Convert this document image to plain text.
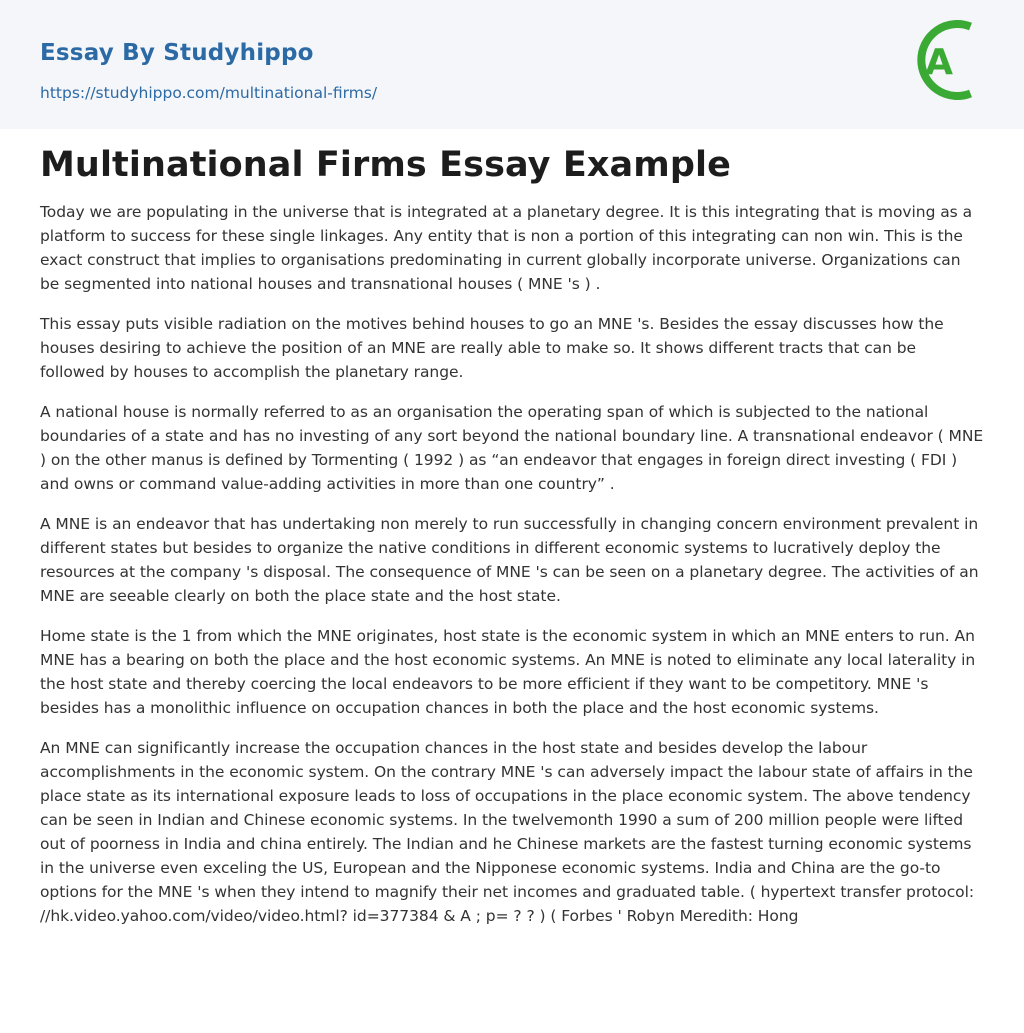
Essay By Studyhippo
https://studyhippo.com/multinational-firms/
A
Multinational Firms Essay Example

Today we are populating in the universe that is integrated at a planetary degree. It is this integrating that is moving as a platform to success for these single linkages. Any entity that is non a portion of this integrating can non win. This is the exact construct that implies to organisations predominating in current globally incorporate universe. Organizations can be segmented into national houses and transnational houses ( MNE 's ) .

This essay puts visible radiation on the motives behind houses to go an MNE 's. Besides the essay discusses how the houses desiring to achieve the position of an MNE are really able to make so. It shows different tracts that can be followed by houses to accomplish the planetary range.

A national house is normally referred to as an organisation the operating span of which is subjected to the national boundaries of a state and has no investing of any sort beyond the national boundary line. A transnational endeavor ( MNE ) on the other manus is defined by Tormenting ( 1992 ) as “an endeavor that engages in foreign direct investing ( FDI ) and owns or command value-adding activities in more than one country” .

A MNE is an endeavor that has undertaking non merely to run successfully in changing concern environment prevalent in different states but besides to organize the native conditions in different economic systems to lucratively deploy the resources at the company 's disposal. The consequence of MNE 's can be seen on a planetary degree. The activities of an MNE are seeable clearly on both the place state and the host state.

Home state is the 1 from which the MNE originates, host state is the economic system in which an MNE enters to run. An MNE has a bearing on both the place and the host economic systems. An MNE is noted to eliminate any local laterality in the host state and thereby coercing the local endeavors to be more efficient if they want to be competitory. MNE 's besides has a monolithic influence on occupation chances in both the place and the host economic systems.

An MNE can significantly increase the occupation chances in the host state and besides develop the labour accomplishments in the economic system. On the contrary MNE 's can adversely impact the labour state of affairs in the place state as its international exposure leads to loss of occupations in the place economic system. The above tendency can be seen in Indian and Chinese economic systems. In the twelvemonth 1990 a sum of 200 million people were lifted out of poorness in India and china entirely. The Indian and he Chinese markets are the fastest turning economic systems in the universe even exceling the US, European and the Nipponese economic systems. India and China are the go-to options for the MNE 's when they intend to magnify their net incomes and graduated table. ( hypertext transfer protocol: //hk.video.yahoo.com/video/video.html? id=377384 & A ; p= ? ? ) ( Forbes ' Robyn Meredith: Hong
